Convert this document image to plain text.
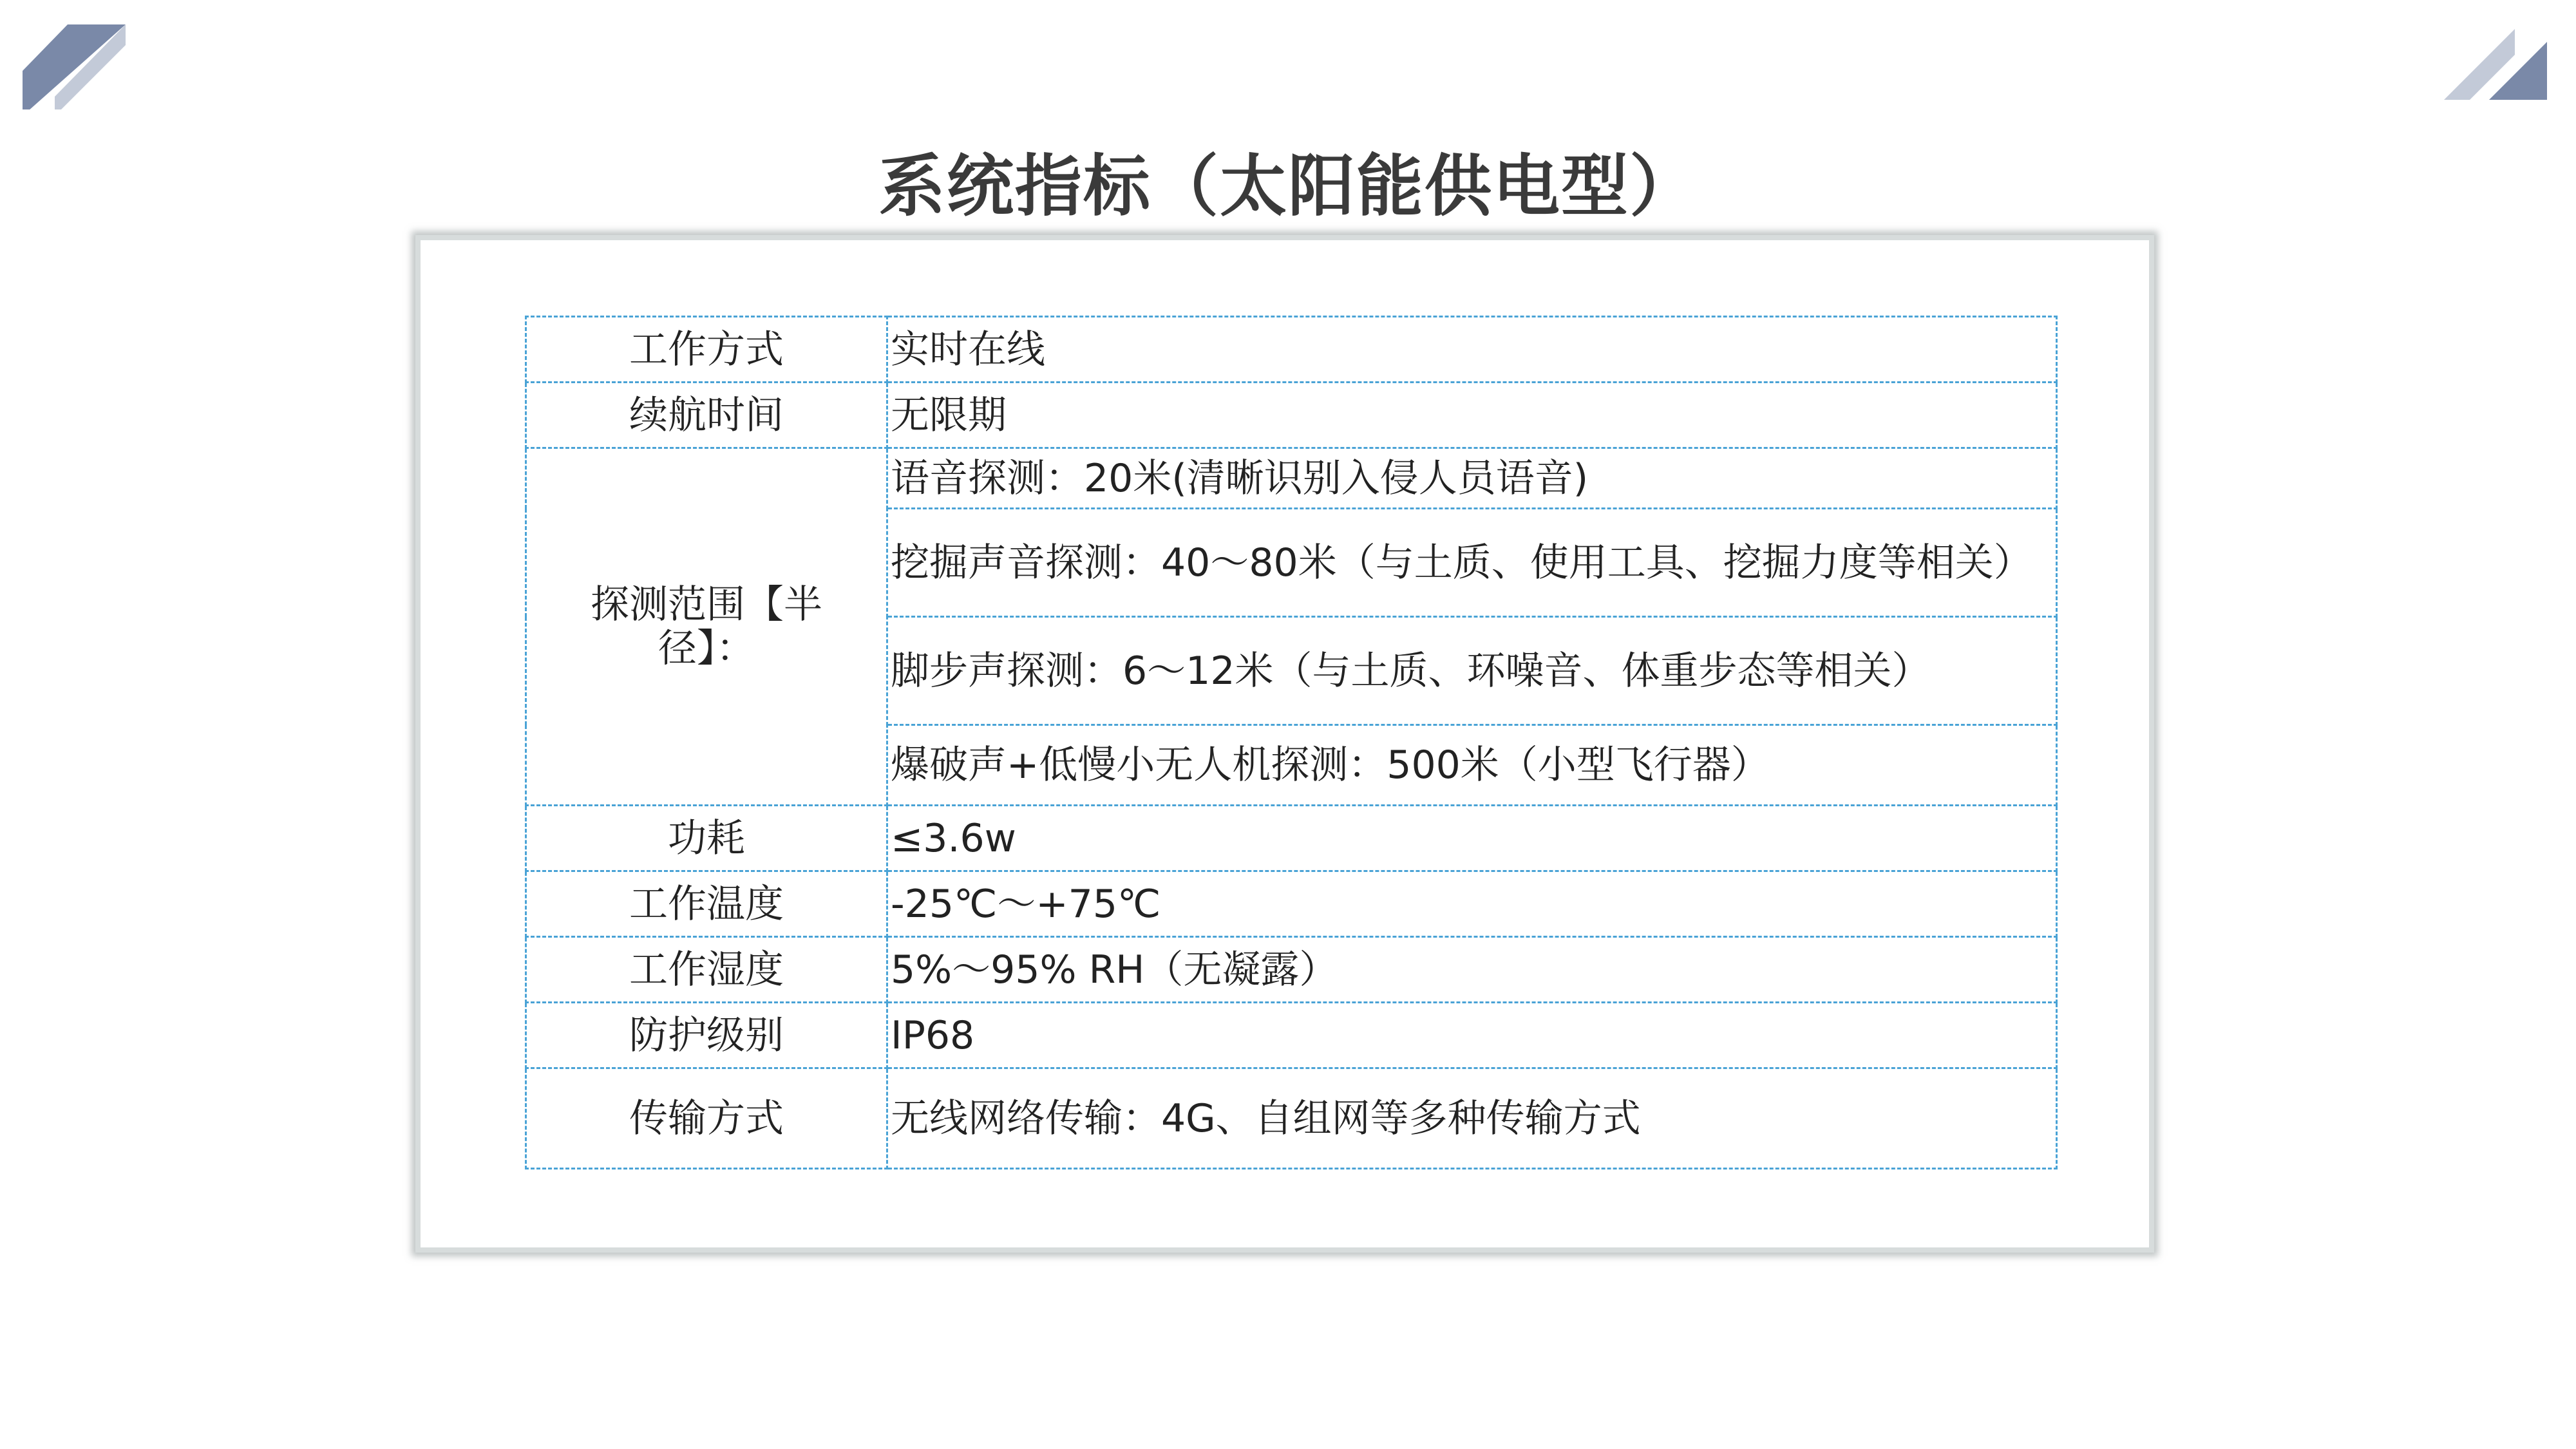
系统指标（太阳能供电型）
工作方式	实时在线
续航时间	无限期
探测范围【半径】：	语音探测：20米(清晰识别入侵人员语音)
	挖掘声音探测：40～80米（与土质、使用工具、挖掘力度等相关）
	脚步声探测：6～12米（与土质、环噪音、体重步态等相关）
	爆破声+低慢小无人机探测：500米（小型飞行器）
功耗	≤3.6w
工作温度	-25℃～+75℃
工作湿度	5%～95% RH（无凝露）
防护级别	IP68
传输方式	无线网络传输：4G、自组网等多种传输方式
